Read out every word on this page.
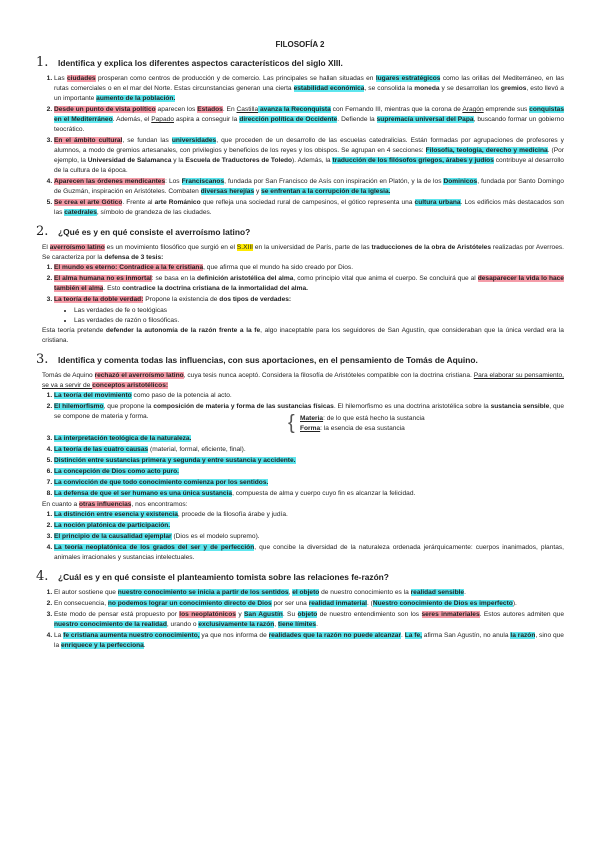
FILOSOFÍA 2
1.	Identifica y explica los diferentes aspectos característicos del siglo XIII.
1. Las ciudades prosperan como centros de producción y de comercio. Las principales se hallan situadas en lugares estratégicos como las orillas del Mediterráneo, en las rutas comerciales o en el mar del Norte. Estas circunstancias generan una cierta estabilidad económica, se consolida la moneda y se desarrollan los gremios, esto llevó a un importante aumento de la población.
2. Desde un punto de vista político aparecen los Estados. En Castilla avanza la Reconquista con Fernando III, mientras que la corona de Aragón emprende sus conquistas en el Mediterráneo. Además, el Papado aspira a conseguir la dirección política de Occidente. Defiende la supremacía universal del Papa, buscando formar un gobierno teocrático.
3. En el ámbito cultural, se fundan las universidades, que proceden de un desarrollo de las escuelas catedralicias. Están formadas por agrupaciones de profesores y alumnos, a modo de gremios artesanales, con privilegios y beneficios de los reyes y los obispos. Se agrupan en 4 secciones: Filosofía, teología, derecho y medicina. (Por ejemplo, la Universidad de Salamanca y la Escuela de Traductores de Toledo). Además, la traducción de los filósofos griegos, árabes y judíos contribuye al desarrollo de la cultura de la época.
4. Aparecen las órdenes mendicantes: Los Franciscanos, fundada por San Francisco de Asís con inspiración en Platón, y la de los Dominicos, fundada por Santo Domingo de Guzmán, inspiración en Aristóteles. Combaten diversas herejías y se enfrentan a la corrupción de la iglesia.
5. Se crea el arte Gótico. Frente al arte Románico que refleja una sociedad rural de campesinos, el gótico representa una cultura urbana. Los edificios más destacados son las catedrales, símbolo de grandeza de las ciudades.
2.	¿Qué es y en qué consiste el averroísmo latino?

El averroísmo latino es un movimiento filosófico que surgió en el S.XIII en la universidad de París, parte de las traducciones de la obra de Aristóteles realizadas por Averroes. Se caracteriza por la defensa de 3 tesis:

1. El mundo es eterno: Contradice a la fe cristiana, que afirma que el mundo ha sido creado por Dios.
2. El alma humana no es inmortal: se basa en la definición aristotélica del alma, como principio vital que anima el cuerpo. Se concluirá que al desaparecer la vida lo hace también el alma. Esto contradice la doctrina cristiana de la inmortalidad del alma.
3. La teoría de la doble verdad: Propone la existencia de dos tipos de verdades:
• Las verdades de fe o teológicas
• Las verdades de razón o filosóficas.

Esta teoría pretende defender la autonomía de la razón frente a la fe, algo inaceptable para los seguidores de San Agustín, que consideraban que la única verdad era la cristiana.

3.	Identifica y comenta todas las influencias, con sus aportaciones, en el pensamiento de Tomás de Aquino.

Tomás de Aquino rechazó el averroísmo latino, cuya tesis nunca aceptó. Considera la filosofía de Aristóteles compatible con la doctrina cristiana. Para elaborar su pensamiento, se va a servir de conceptos aristotélicos:

1. La teoría del movimiento como paso de la potencia al acto.
2. El hilemorfismo, que propone la composición de materia y forma de las sustancias físicas. El hilemorfismo es una doctrina aristotélica sobre la sustancia sensible, que se compone de materia y forma.
{	Materia: de lo que está hecho la sustancia
Forma: la esencia de esa sustancia
3. La interpretación teológica de la naturaleza.
4. La teoría de las cuatro causas (material, formal, eficiente, final).
5. Distinción entre sustancias primera y segunda y entre sustancia y accidente.
6. La concepción de Dios como acto puro.
7. La convicción de que todo conocimiento comienza por los sentidos.
8. La defensa de que el ser humano es una única sustancia, compuesta de alma y cuerpo cuyo fin es alcanzar la felicidad.

En cuanto a otras influencias, nos encontramos:

1. La distinción entre esencia y existencia, procede de la filosofía árabe y judía.
2. La noción platónica de participación.
3. El principio de la causalidad ejemplar (Dios es el modelo supremo).
4. La teoría neoplatónica de los grados del ser y de perfección, que concibe la diversidad de la naturaleza ordenada jerárquicamente: cuerpos inanimados, plantas, animales irracionales y sustancias intelectuales.
4.	¿Cuál es y en qué consiste el planteamiento tomista sobre las relaciones fe-razón?
1. El autor sostiene que nuestro conocimiento se inicia a partir de los sentidos, el objeto de nuestro conocimiento es la realidad sensible.
2. En consecuencia, no podemos lograr un conocimiento directo de Dios por ser una realidad inmaterial. (Nuestro conocimiento de Dios es imperfecto).
3. Este modo de pensar está propuesto por los neoplatónicos y San Agustín. Su objeto de nuestro entendimiento son los seres inmateriales. Estos autores admiten que nuestro conocimiento de la realidad, urando o exclusivamente la razón, tiene límites.
4. La fe cristiana aumenta nuestro conocimiento, ya que nos informa de realidades que la razón no puede alcanzar. La fe, afirma San Agustín, no anula la razón, sino que la enriquece y la perfecciona.
